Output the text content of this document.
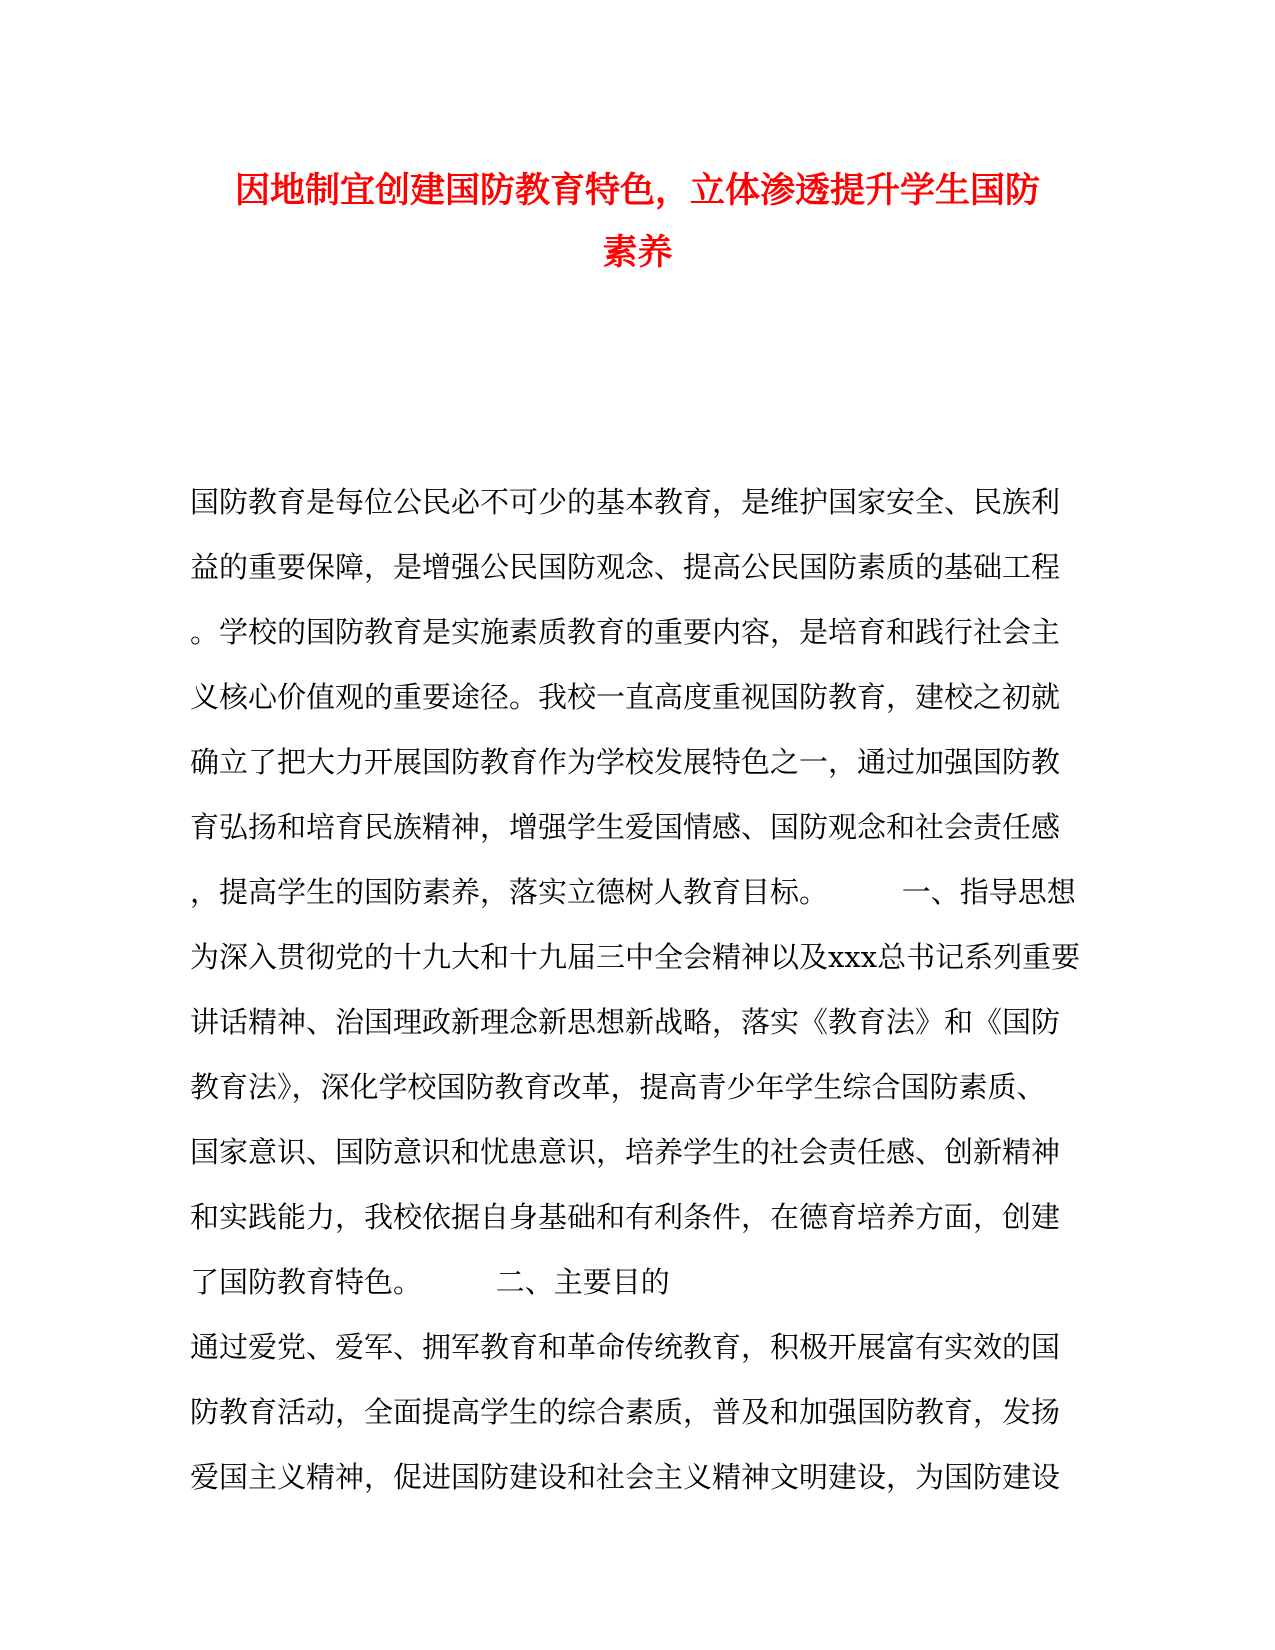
因地制宜创建国防教育特色，立体渗透提升学生国防
素养
国防教育是每位公民必不可少的基本教育，是维护国家安全、民族利
益的重要保障，是增强公民国防观念、提高公民国防素质的基础工程
。学校的国防教育是实施素质教育的重要内容，是培育和践行社会主
义核心价值观的重要途径。我校一直高度重视国防教育，建校之初就
确立了把大力开展国防教育作为学校发展特色之一，通过加强国防教
育弘扬和培育民族精神，增强学生爱国情感、国防观念和社会责任感
，提高学生的国防素养，落实立德树人教育目标。        一、指导思想
为深入贯彻党的十九大和十九届三中全会精神以及xxx总书记系列重要
讲话精神、治国理政新理念新思想新战略，落实《教育法》和《国防
教育法》，深化学校国防教育改革，提高青少年学生综合国防素质、
国家意识、国防意识和忧患意识，培养学生的社会责任感、创新精神
和实践能力，我校依据自身基础和有利条件，在德育培养方面，创建
了国防教育特色。        二、主要目的
通过爱党、爱军、拥军教育和革命传统教育，积极开展富有实效的国
防教育活动，全面提高学生的综合素质，普及和加强国防教育，发扬
爱国主义精神，促进国防建设和社会主义精神文明建设，为国防建设
